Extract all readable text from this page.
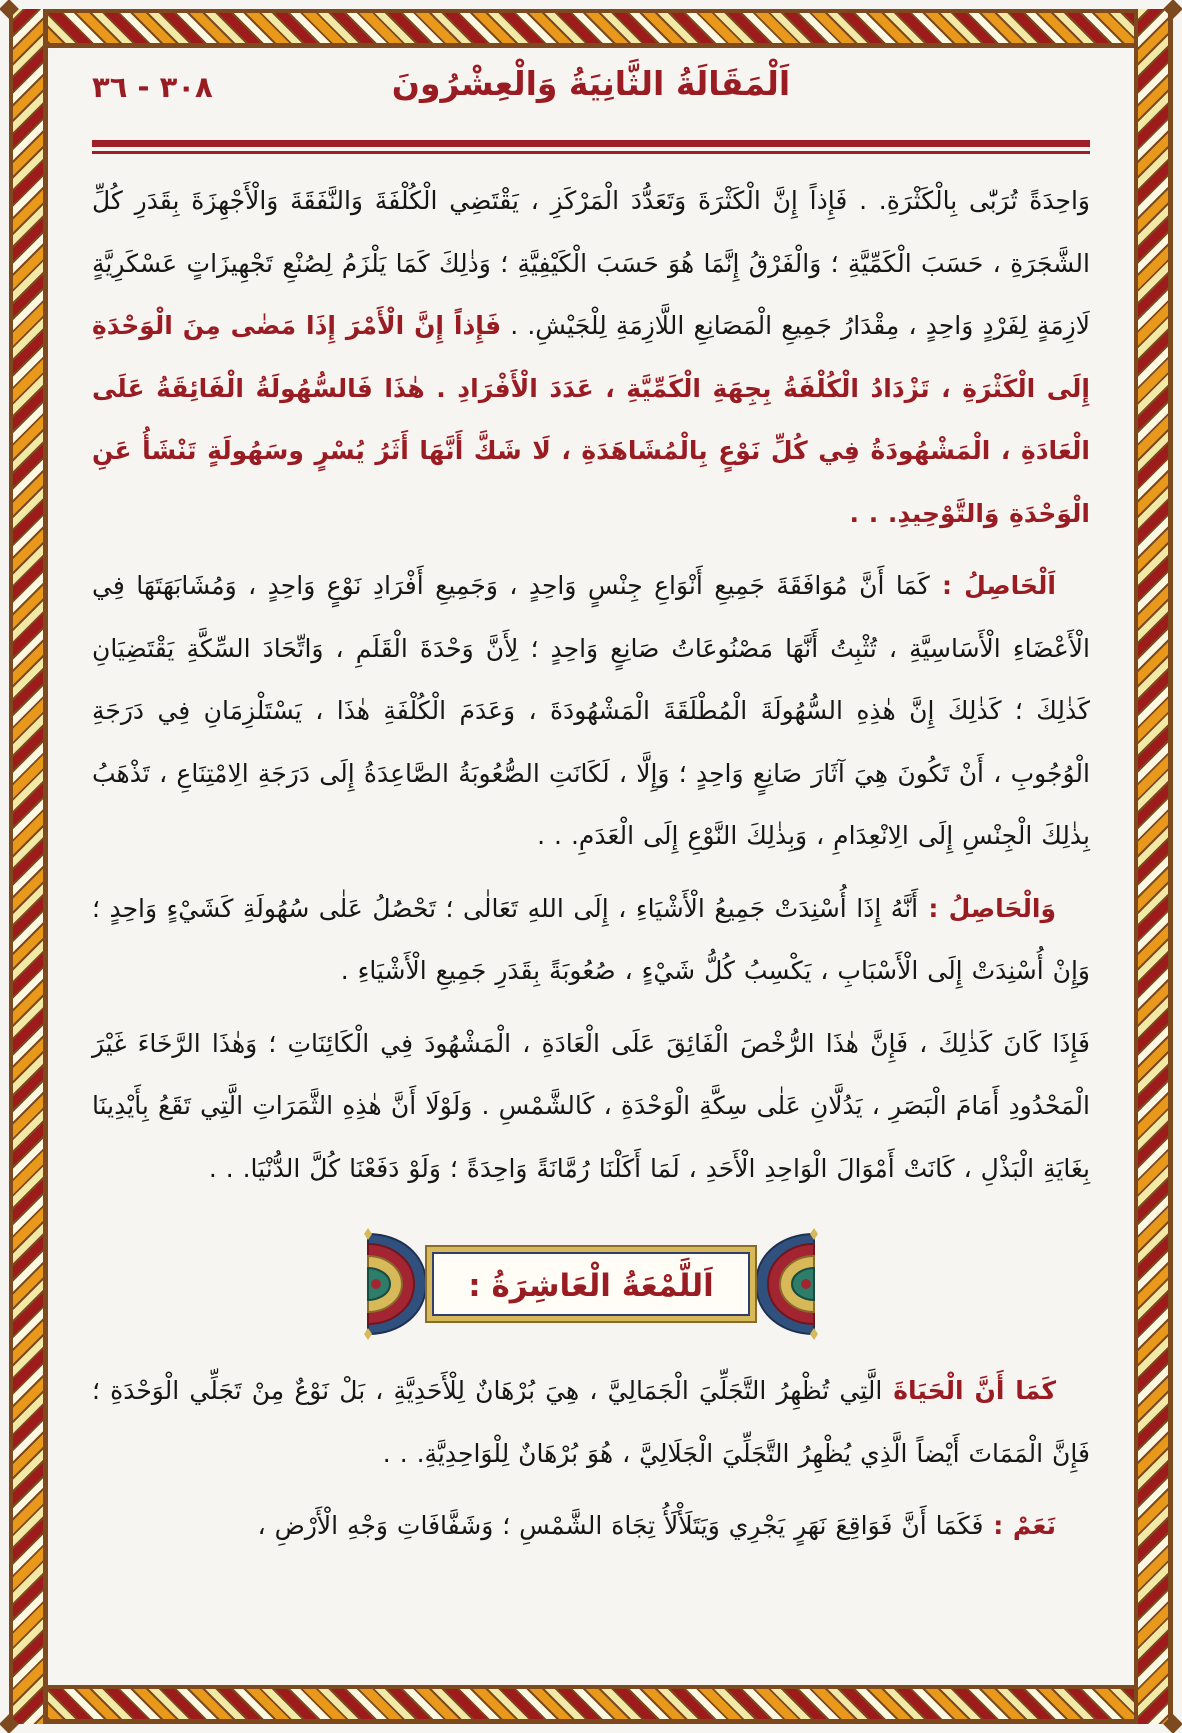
٣٠٨ - ٣٦	اَلْمَقَالَةُ الثَّانِيَةُ وَالْعِشْرُونَ

وَاحِدَةً تُرَبّٰى بِالْكَثْرَةِ. . فَإِذاً إِنَّ الْكَثْرَةَ وَتَعَدُّدَ الْمَرْكَزِ ، يَقْتَضِي الْكُلْفَةَ وَالنَّفَقَةَ وَالْأَجْهِزَةَ بِقَدَرِ كُلِّ الشَّجَرَةِ ، حَسَبَ الْكَمِّيَّةِ ؛ وَالْفَرْقُ إِنَّمَا هُوَ حَسَبَ الْكَيْفِيَّةِ ؛ وَذٰلِكَ كَمَا يَلْزَمُ لِصُنْعِ تَجْهِيزَاتٍ عَسْكَرِيَّةٍ لَازِمَةٍ لِفَرْدٍ وَاحِدٍ ، مِقْدَارُ جَمِيعِ الْمَصَانِعِ اللَّازِمَةِ لِلْجَيْشِ. . فَإِذاً إِنَّ الْأَمْرَ إِذَا مَضٰى مِنَ الْوَحْدَةِ إِلَى الْكَثْرَةِ ، تَزْدَادُ الْكُلْفَةُ بِجِهَةِ الْكَمِّيَّةِ ، عَدَدَ الْأَفْرَادِ . هٰذَا فَالسُّهُولَةُ الْفَائِقَةُ عَلَى الْعَادَةِ ، الْمَشْهُودَةُ فِي كُلِّ نَوْعٍ بِالْمُشَاهَدَةِ ، لَا شَكَّ أَنَّهَا أَثَرُ يُسْرٍ وسَهُولَةٍ تَنْشَأُ عَنِ الْوَحْدَةِ وَالتَّوْحِيدِ. . .

اَلْحَاصِلُ : كَمَا أَنَّ مُوَافَقَةَ جَمِيعِ أَنْوَاعِ جِنْسٍ وَاحِدٍ ، وَجَمِيعِ أَفْرَادِ نَوْعٍ وَاحِدٍ ، وَمُشَابَهَتَهَا فِي الْأَعْضَاءِ الْأَسَاسِيَّةِ ، تُثْبِتُ أَنَّهَا مَصْنُوعَاتُ صَانِعٍ وَاحِدٍ ؛ لِأَنَّ وَحْدَةَ الْقَلَمِ ، وَاتِّحَادَ السِّكَّةِ يَقْتَضِيَانِ كَذٰلِكَ ؛ كَذٰلِكَ إِنَّ هٰذِهِ السُّهُولَةَ الْمُطْلَقَةَ الْمَشْهُودَةَ ، وَعَدَمَ الْكُلْفَةِ هٰذَا ، يَسْتَلْزِمَانِ فِي دَرَجَةِ الْوُجُوبِ ، أَنْ تَكُونَ هِيَ آثَارَ صَانِعٍ وَاحِدٍ ؛ وَإِلَّا ، لَكَانَتِ الصُّعُوبَةُ الصَّاعِدَةُ إِلَى دَرَجَةِ الِامْتِنَاعِ ، تَذْهَبُ بِذٰلِكَ الْجِنْسِ إِلَى الِانْعِدَامِ ، وَبِذٰلِكَ النَّوْعِ إِلَى الْعَدَمِ. . .

وَالْحَاصِلُ : أَنَّهُ إِذَا أُسْنِدَتْ جَمِيعُ الْأَشْيَاءِ ، إِلَى اللهِ تَعَالٰى ؛ تَحْصُلُ عَلٰى سُهُولَةِ كَشَيْءٍ وَاحِدٍ ؛ وَإِنْ أُسْنِدَتْ إِلَى الْأَسْبَابِ ، يَكْسِبُ كُلُّ شَيْءٍ ، صُعُوبَةً بِقَدَرِ جَمِيعِ الْأَشْيَاءِ .

فَإِذَا كَانَ كَذٰلِكَ ، فَإِنَّ هٰذَا الرُّخْصَ الْفَائِقَ عَلَى الْعَادَةِ ، الْمَشْهُودَ فِي الْكَائِنَاتِ ؛ وَهٰذَا الرَّخَاءَ غَيْرَ الْمَحْدُودِ أَمَامَ الْبَصَرِ ، يَدُلَّانِ عَلٰى سِكَّةِ الْوَحْدَةِ ، كَالشَّمْسِ . وَلَوْلَا أَنَّ هٰذِهِ الثَّمَرَاتِ الَّتِي تَقَعُ بِأَيْدِينَا بِغَايَةِ الْبَذْلِ ، كَانَتْ أَمْوَالَ الْوَاحِدِ الْأَحَدِ ، لَمَا أَكَلْنَا رُمَّانَةً وَاحِدَةً ؛ وَلَوْ دَفَعْنَا كُلَّ الدُّنْيَا. . .

اَللَّمْعَةُ الْعَاشِرَةُ :

كَمَا أَنَّ الْحَيَاةَ الَّتِي تُظْهِرُ التَّجَلِّيَ الْجَمَالِيَّ ، هِيَ بُرْهَانٌ لِلْأَحَدِيَّةِ ، بَلْ نَوْعٌ مِنْ تَجَلِّي الْوَحْدَةِ ؛ فَإِنَّ الْمَمَاتَ أَيْضاً الَّذِي يُظْهِرُ التَّجَلِّيَ الْجَلَالِيَّ ، هُوَ بُرْهَانٌ لِلْوَاحِدِيَّةِ. . .

نَعَمْ : فَكَمَا أَنَّ فَوَاقِعَ نَهَرٍ يَجْرِي وَيَتَلَأْلَأُ تِجَاهَ الشَّمْسِ ؛ وَشَفَّافَاتِ وَجْهِ الْأَرْضِ ،
